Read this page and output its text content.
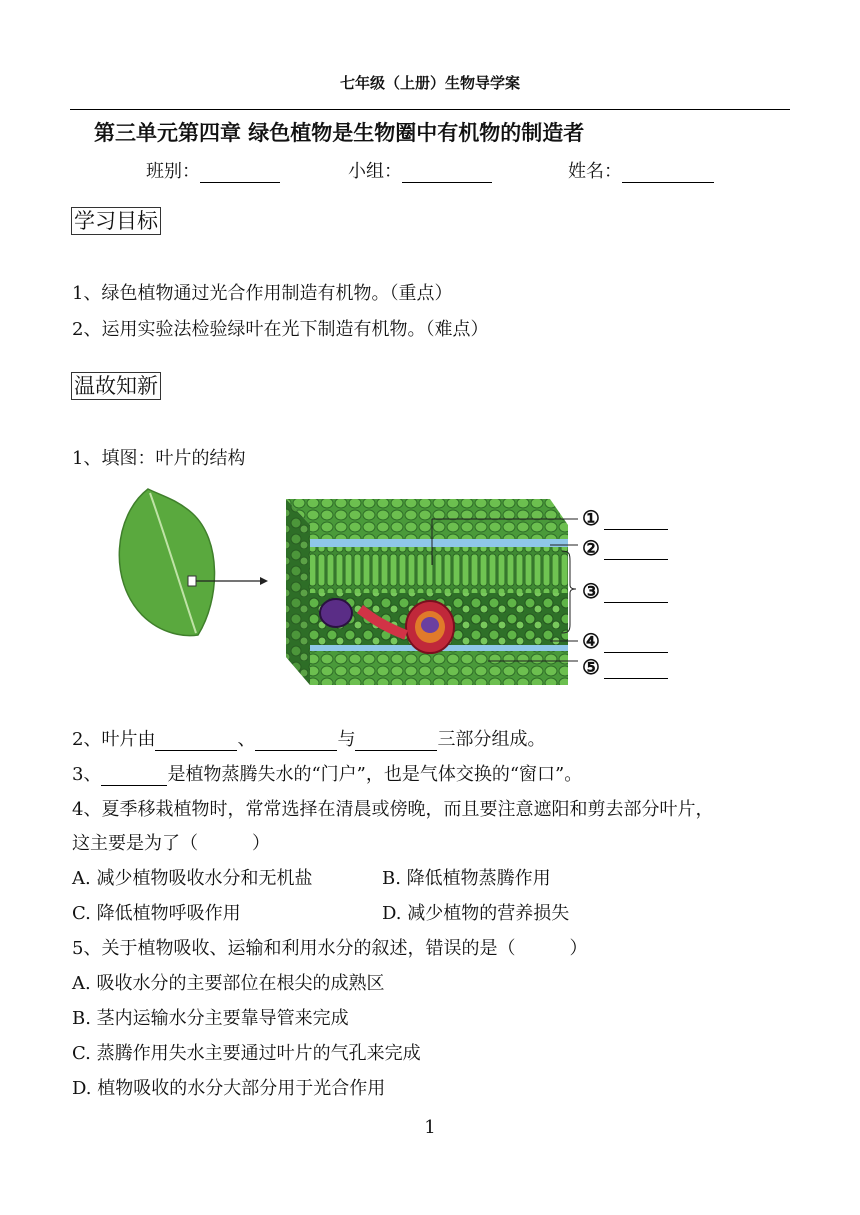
七年级（上册）生物导学案
第三单元第四章 绿色植物是生物圈中有机物的制造者
班别：	小组：	姓名：
学习目标
1、绿色植物通过光合作用制造有机物。（重点）
2、运用实验法检验绿叶在光下制造有机物。（难点）
温故知新
1、填图：叶片的结构
①
②
③
④
⑤
2、叶片由	、	与	三部分组成。
3、	是植物蒸腾失水的“门户”，也是气体交换的“窗口”。
4、夏季移栽植物时，常常选择在清晨或傍晚，而且要注意遮阳和剪去部分叶片，
这主要是为了（　　　）
A. 减少植物吸收水分和无机盐	B. 降低植物蒸腾作用
C. 降低植物呼吸作用	D. 减少植物的营养损失
5、关于植物吸收、运输和利用水分的叙述，错误的是（　　　）
A. 吸收水分的主要部位在根尖的成熟区
B. 茎内运输水分主要靠导管来完成
C. 蒸腾作用失水主要通过叶片的气孔来完成
D. 植物吸收的水分大部分用于光合作用
1
